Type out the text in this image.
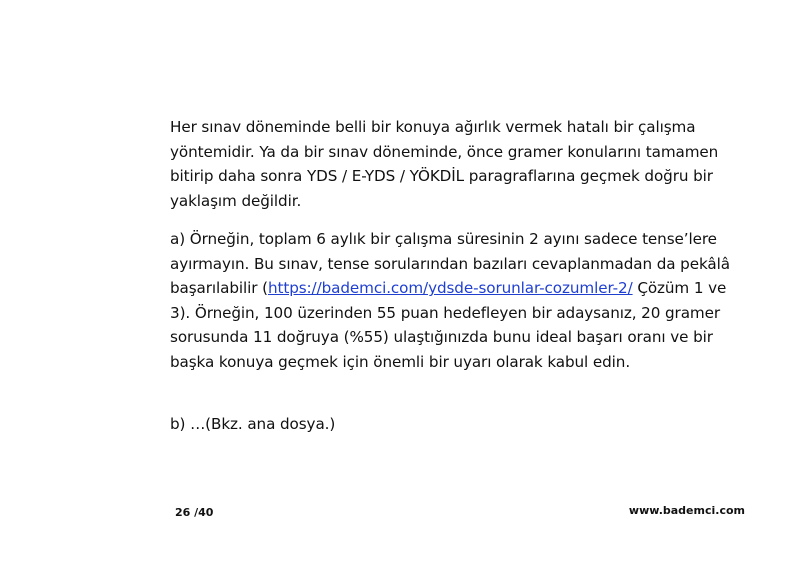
Her sınav döneminde belli bir konuya ağırlık vermek hatalı bir çalışma yöntemidir. Ya da bir sınav döneminde, önce gramer konularını tamamen bitirip daha sonra YDS / E-YDS / YÖKDİL paragraflarına geçmek doğru bir yaklaşım değildir.

a) Örneğin, toplam 6 aylık bir çalışma süresinin 2 ayını sadece tense’lere ayırmayın. Bu sınav, tense sorularından bazıları cevaplanmadan da pekâlâ başarılabilir (https://bademci.com/ydsde-sorunlar-cozumler-2/ Çözüm 1 ve 3). Örneğin, 100 üzerinden 55 puan hedefleyen bir adaysanız, 20 gramer sorusunda 11 doğruya (%55) ulaştığınızda bunu ideal başarı oranı ve bir başka konuya geçmek için önemli bir uyarı olarak kabul edin.

b) …(Bkz. ana dosya.)

26 /40	www.bademci.com
